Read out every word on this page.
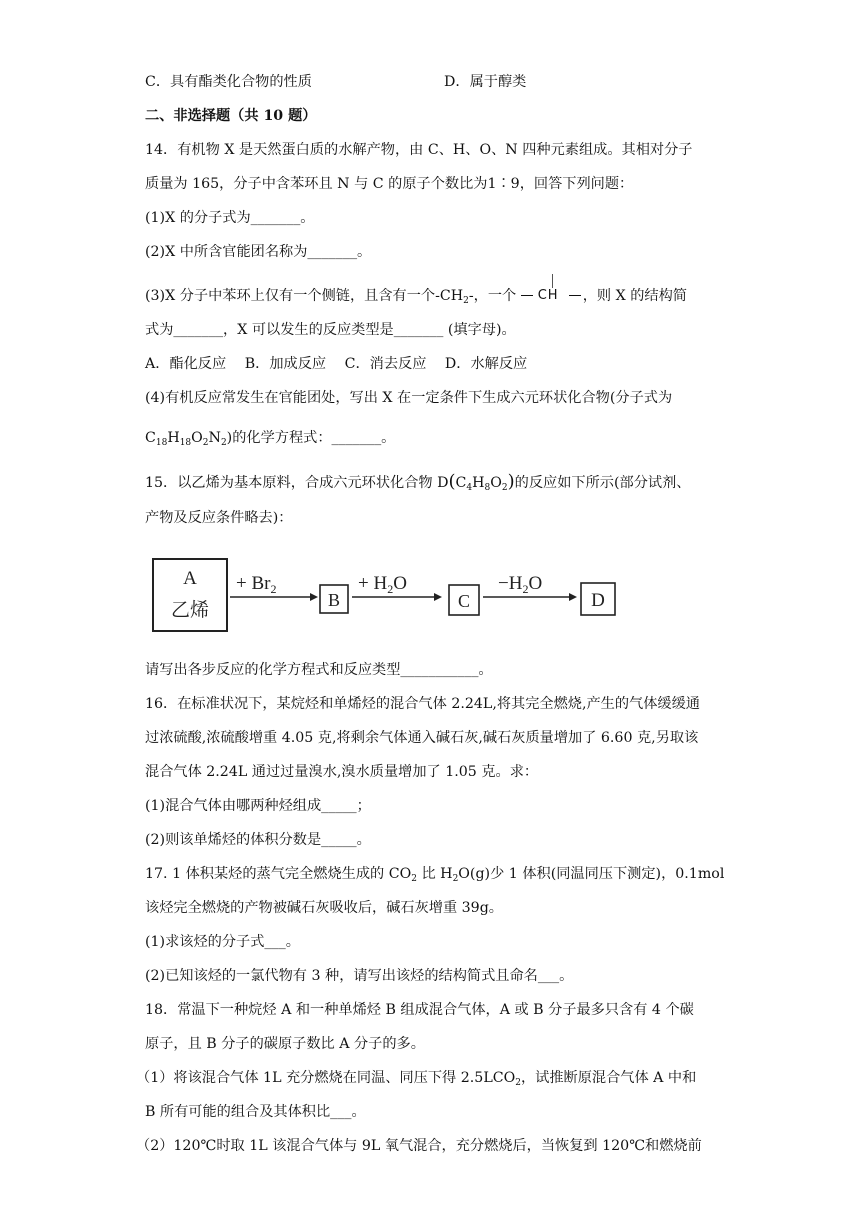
C．具有酯类化合物的性质	D．属于醇类
二、非选择题（共 10 题）
14．有机物 X 是天然蛋白质的水解产物，由 C、H、O、N 四种元素组成。其相对分子
质量为 165，分子中含苯环且 N 与 C 的原子个数比为1∶9，回答下列问题：
(1)X 的分子式为_______。
(2)X 中所含官能团名称为_______。
(3)X 分子中苯环上仅有一个侧链，且含有一个$-CH_2-$，一个 CH ，则 X 的结构简
式为_______，X 可以发生的反应类型是_______ (填字母)。
A．酯化反应 B．加成反应 C．消去反应 D．水解反应
(4)有机反应常发生在官能团处，写出 X 在一定条件下生成六元环状化合物(分子式为
$C_{18}H_{18}O_2N_2$)的化学方程式：_______。
15．以乙烯为基本原料，合成六元环状化合物 $D(C_4H_8O_2)$的反应如下所示(部分试剂、
产物及反应条件略去)：
A
乙烯
+ $Br_2$
B
+ $H_2O$
C
$-H_2O$
D
请写出各步反应的化学方程式和反应类型___________。
16．在标准状况下，某烷烃和单烯烃的混合气体 2.24L,将其完全燃烧,产生的气体缓缓通
过浓硫酸,浓硫酸增重 4.05 克,将剩余气体通入碱石灰,碱石灰质量增加了 6.60 克,另取该
混合气体 2.24L 通过过量溴水,溴水质量增加了 1.05 克。求：
(1)混合气体由哪两种烃组成_____；
(2)则该单烯烃的体积分数是_____。
17. 1 体积某烃的蒸气完全燃烧生成的 $CO_2$ 比 $H_2O(g)$少 1 体积(同温同压下测定)，0.1mol
该烃完全燃烧的产物被碱石灰吸收后，碱石灰增重 39g。
(1)求该烃的分子式___。
(2)已知该烃的一氯代物有 3 种，请写出该烃的结构简式且命名___。
18．常温下一种烷烃 A 和一种单烯烃 B 组成混合气体，A 或 B 分子最多只含有 4 个碳
原子，且 B 分子的碳原子数比 A 分子的多。
（1）将该混合气体 1L 充分燃烧在同温、同压下得 $2.5LCO_2$，试推断原混合气体 A 中和
B 所有可能的组合及其体积比___。
（2）120℃时取 1L 该混合气体与 9L 氧气混合，充分燃烧后，当恢复到 120℃和燃烧前
